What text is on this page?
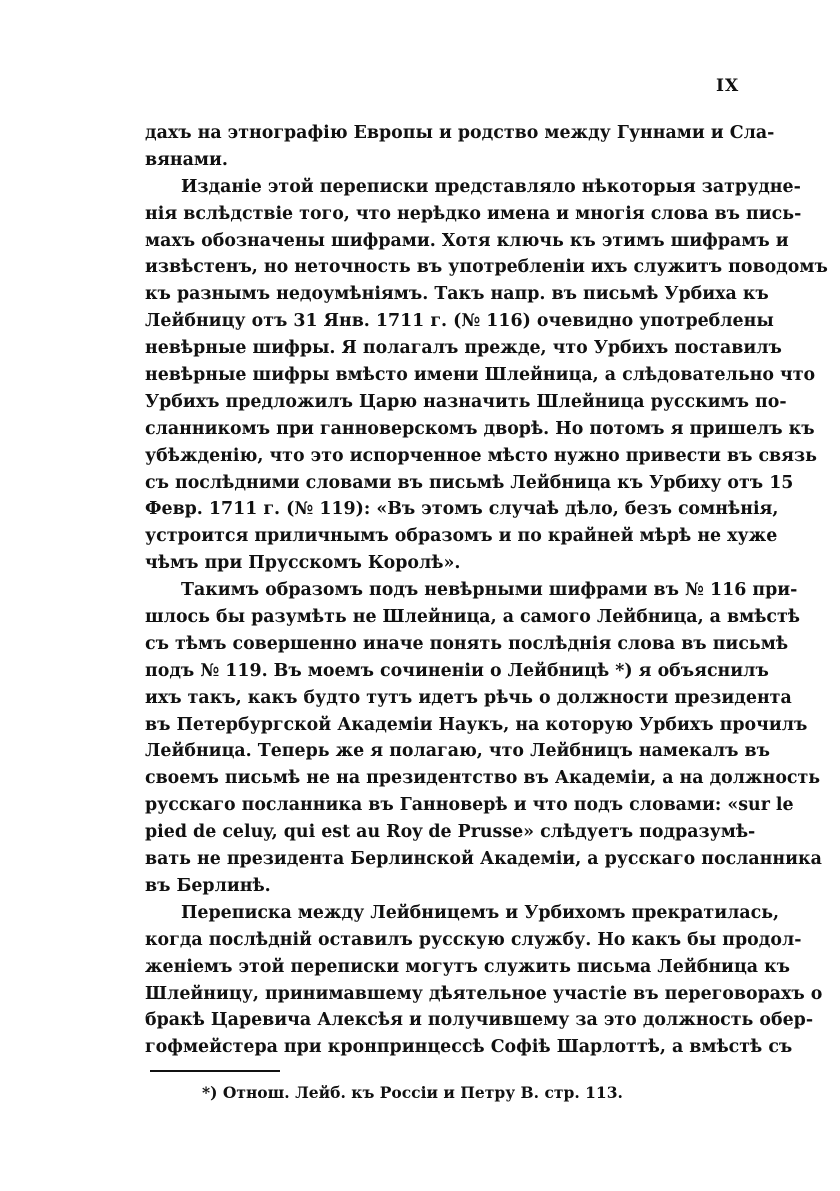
IX
дахъ на этнографію Европы и родство между Гуннами и Сла-
вянами.
Изданіе этой переписки представляло нѣкоторыя затрудне-
нія вслѣдствіе того, что нерѣдко имена и многія слова въ пись-
махъ обозначены шифрами. Хотя ключь къ этимъ шифрамъ и
извѣстенъ, но неточность въ употребленіи ихъ служитъ поводомъ
къ разнымъ недоумѣніямъ. Такъ напр. въ письмѣ Урбиха къ
Лейбницу отъ 31 Янв. 1711 г. (№ 116) очевидно употреблены
невѣрные шифры. Я полагалъ прежде, что Урбихъ поставилъ
невѣрные шифры вмѣсто имени Шлейница, а слѣдовательно что
Урбихъ предложилъ Царю назначить Шлейница русскимъ по-
сланникомъ при ганноверскомъ дворѣ. Но потомъ я пришелъ къ
убѣжденію, что это испорченное мѣсто нужно привести въ связь
съ послѣдними словами въ письмѣ Лейбница къ Урбиху отъ 15
Февр. 1711 г. (№ 119): «Въ этомъ случаѣ дѣло, безъ сомнѣнія,
устроится приличнымъ образомъ и по крайней мѣрѣ не хуже
чѣмъ при Прусскомъ Королѣ».
Такимъ образомъ подъ невѣрными шифрами въ № 116 при-
шлось бы разумѣть не Шлейница, а самого Лейбница, а вмѣстѣ
съ тѣмъ совершенно иначе понять послѣднія слова въ письмѣ
подъ № 119. Въ моемъ сочиненіи о Лейбницѣ *) я объяснилъ
ихъ такъ, какъ будто тутъ идетъ рѣчь о должности президента
въ Петербургской Академіи Наукъ, на которую Урбихъ прочилъ
Лейбница. Теперь же я полагаю, что Лейбницъ намекалъ въ
своемъ письмѣ не на президентство въ Академіи, а на должность
русскаго посланника въ Ганноверѣ и что подъ словами: «sur le
pied de celuy, qui est au Roy de Prusse» слѣдуетъ подразумѣ-
вать не президента Берлинской Академіи, а русскаго посланника
въ Берлинѣ.
Переписка между Лейбницемъ и Урбихомъ прекратилась,
когда послѣдній оставилъ русскую службу. Но какъ бы продол-
женіемъ этой переписки могутъ служить письма Лейбница къ
Шлейницу, принимавшему дѣятельное участіе въ переговорахъ о
бракѣ Царевича Алексѣя и получившему за это должность обер-
гофмейстера при кронпринцессѣ Софіѣ Шарлоттѣ, а вмѣстѣ съ
*) Отнош. Лейб. къ Россіи и Петру В. стр. 113.
